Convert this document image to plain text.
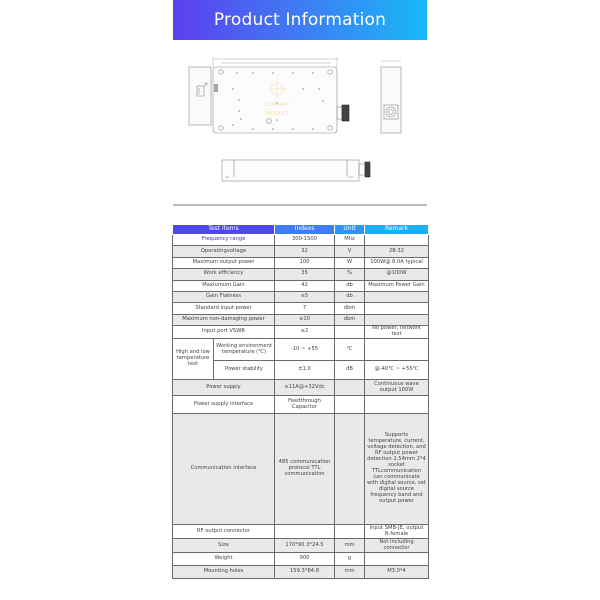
Product Information
COMPANY
PRODUCT
Test items		Indexs	Unit	Remark
Frequency range		300-1500	Mhz	
Operatingvoltage		32	V	28-32
Maximum output power		100	W	100W@ 8.0A typical
Work efficiency		35	%	@100W
Maxiumum Gain		42	db	Maximum Power Gain
Gain Flatness		≤5	db	
Standard input power		7	dbm	
Maximum non-damaging power		≤10	dbm	
Input port VSWR		≤2		No power, network test
High and low temperature test	Working environment temperature (℃)	-10 ~ +55	℃	
	Power stability	±1.0	dB	@-40℃ ~ +55℃
Power supply		≥11A@+32Vdc		Continuous wave output 100W
Power supply interface		Feedthrough Capacitor		
Communication interface		485 communication protocol TTL communication		Supports temperature, current, voltage detection, and RF output power detection 2.54mm 2*4 socket TTLcommunication can communicate with digital source, set digital source frequency band and output power
RF output connector				Input SMB-JE, output N female
Size		170*90.3*24.5	mm	Not including connector
Weight		900	g	
Mounting holes		159.3*84.8	mm	M3.0*4
